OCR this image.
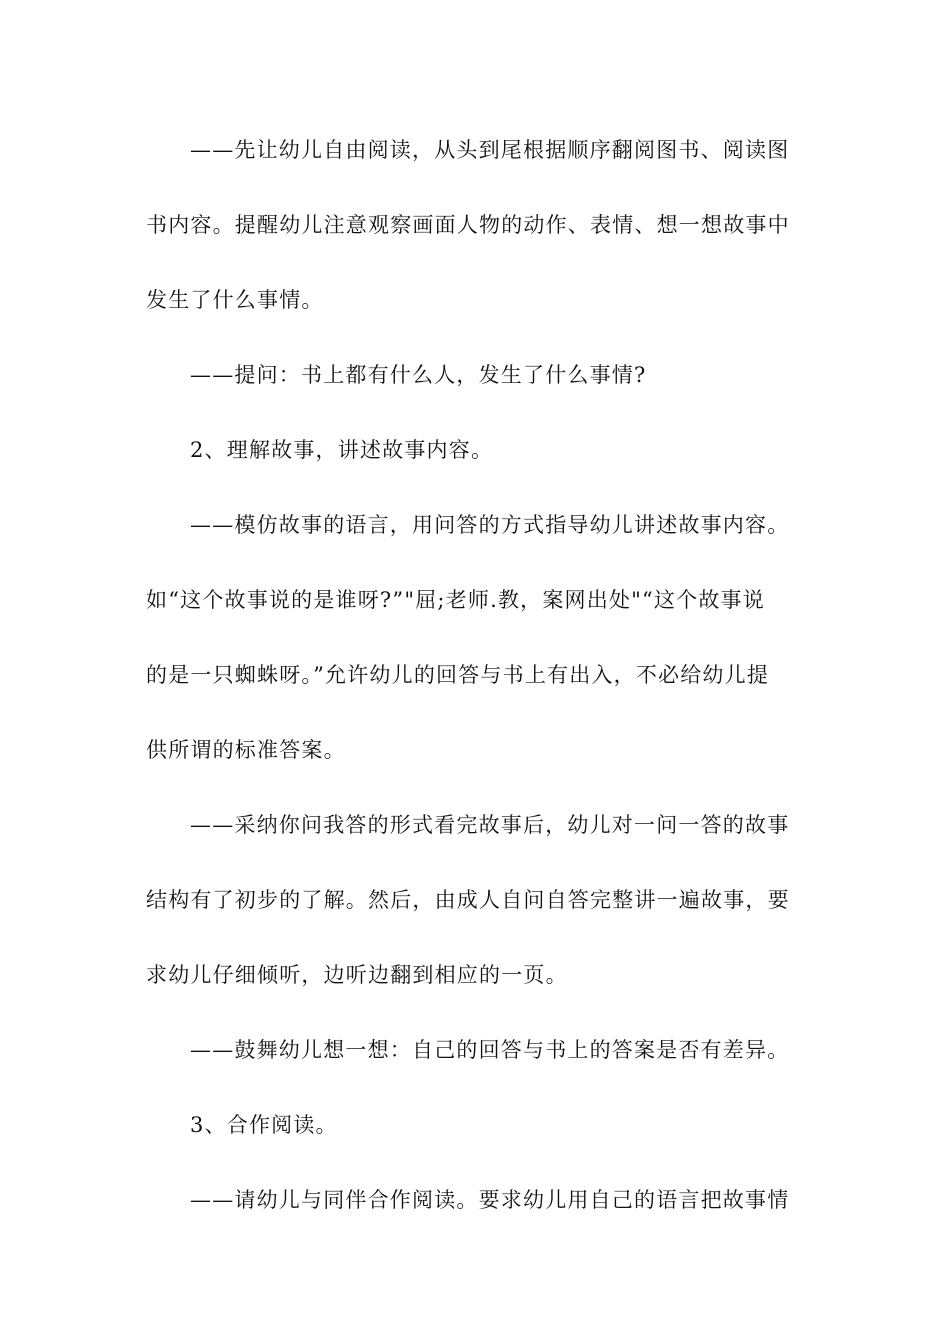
——先让幼儿自由阅读，从头到尾根据顺序翻阅图书、阅读图
书内容。提醒幼儿注意观察画面人物的动作、表情、想一想故事中
发生了什么事情。
——提问：书上都有什么人，发生了什么事情?
2、理解故事，讲述故事内容。
——模仿故事的语言，用问答的方式指导幼儿讲述故事内容。
如“这个故事说的是谁呀?”"屈;老师.教，案网出处"“这个故事说
的是一只蜘蛛呀。”允许幼儿的回答与书上有出入，不必给幼儿提
供所谓的标准答案。
——采纳你问我答的形式看完故事后，幼儿对一问一答的故事
结构有了初步的了解。然后，由成人自问自答完整讲一遍故事，要
求幼儿仔细倾听，边听边翻到相应的一页。
——鼓舞幼儿想一想：自己的回答与书上的答案是否有差异。
3、合作阅读。
——请幼儿与同伴合作阅读。要求幼儿用自己的语言把故事情
